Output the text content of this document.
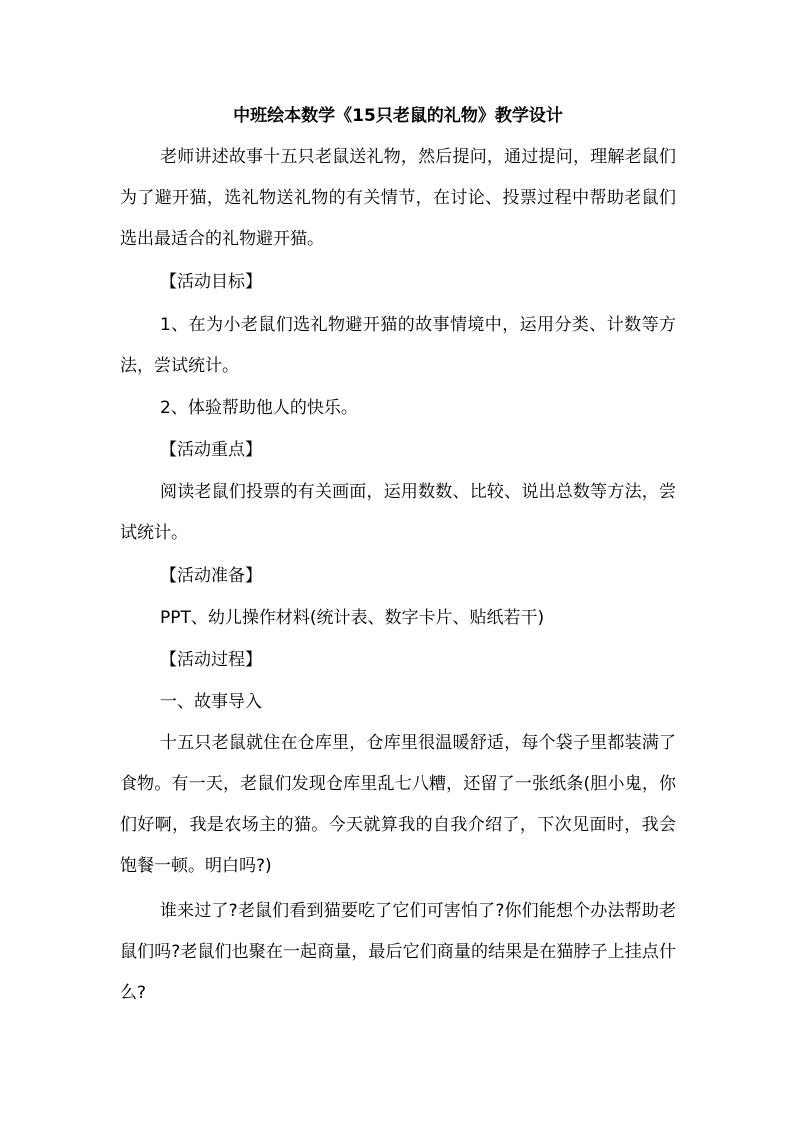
中班绘本数学《15只老鼠的礼物》教学设计

老师讲述故事十五只老鼠送礼物，然后提问，通过提问，理解老鼠们为了避开猫，选礼物送礼物的有关情节，在讨论、投票过程中帮助老鼠们选出最适合的礼物避开猫。

【活动目标】

1、在为小老鼠们选礼物避开猫的故事情境中，运用分类、计数等方法，尝试统计。

2、体验帮助他人的快乐。

【活动重点】

阅读老鼠们投票的有关画面，运用数数、比较、说出总数等方法，尝试统计。

【活动准备】

PPT、幼儿操作材料(统计表、数字卡片、贴纸若干)

【活动过程】

一、故事导入

十五只老鼠就住在仓库里，仓库里很温暖舒适，每个袋子里都装满了食物。有一天，老鼠们发现仓库里乱七八糟，还留了一张纸条(胆小鬼，你们好啊，我是农场主的猫。今天就算我的自我介绍了，下次见面时，我会饱餐一顿。明白吗?)

谁来过了?老鼠们看到猫要吃了它们可害怕了?你们能想个办法帮助老鼠们吗?老鼠们也聚在一起商量，最后它们商量的结果是在猫脖子上挂点什么?
